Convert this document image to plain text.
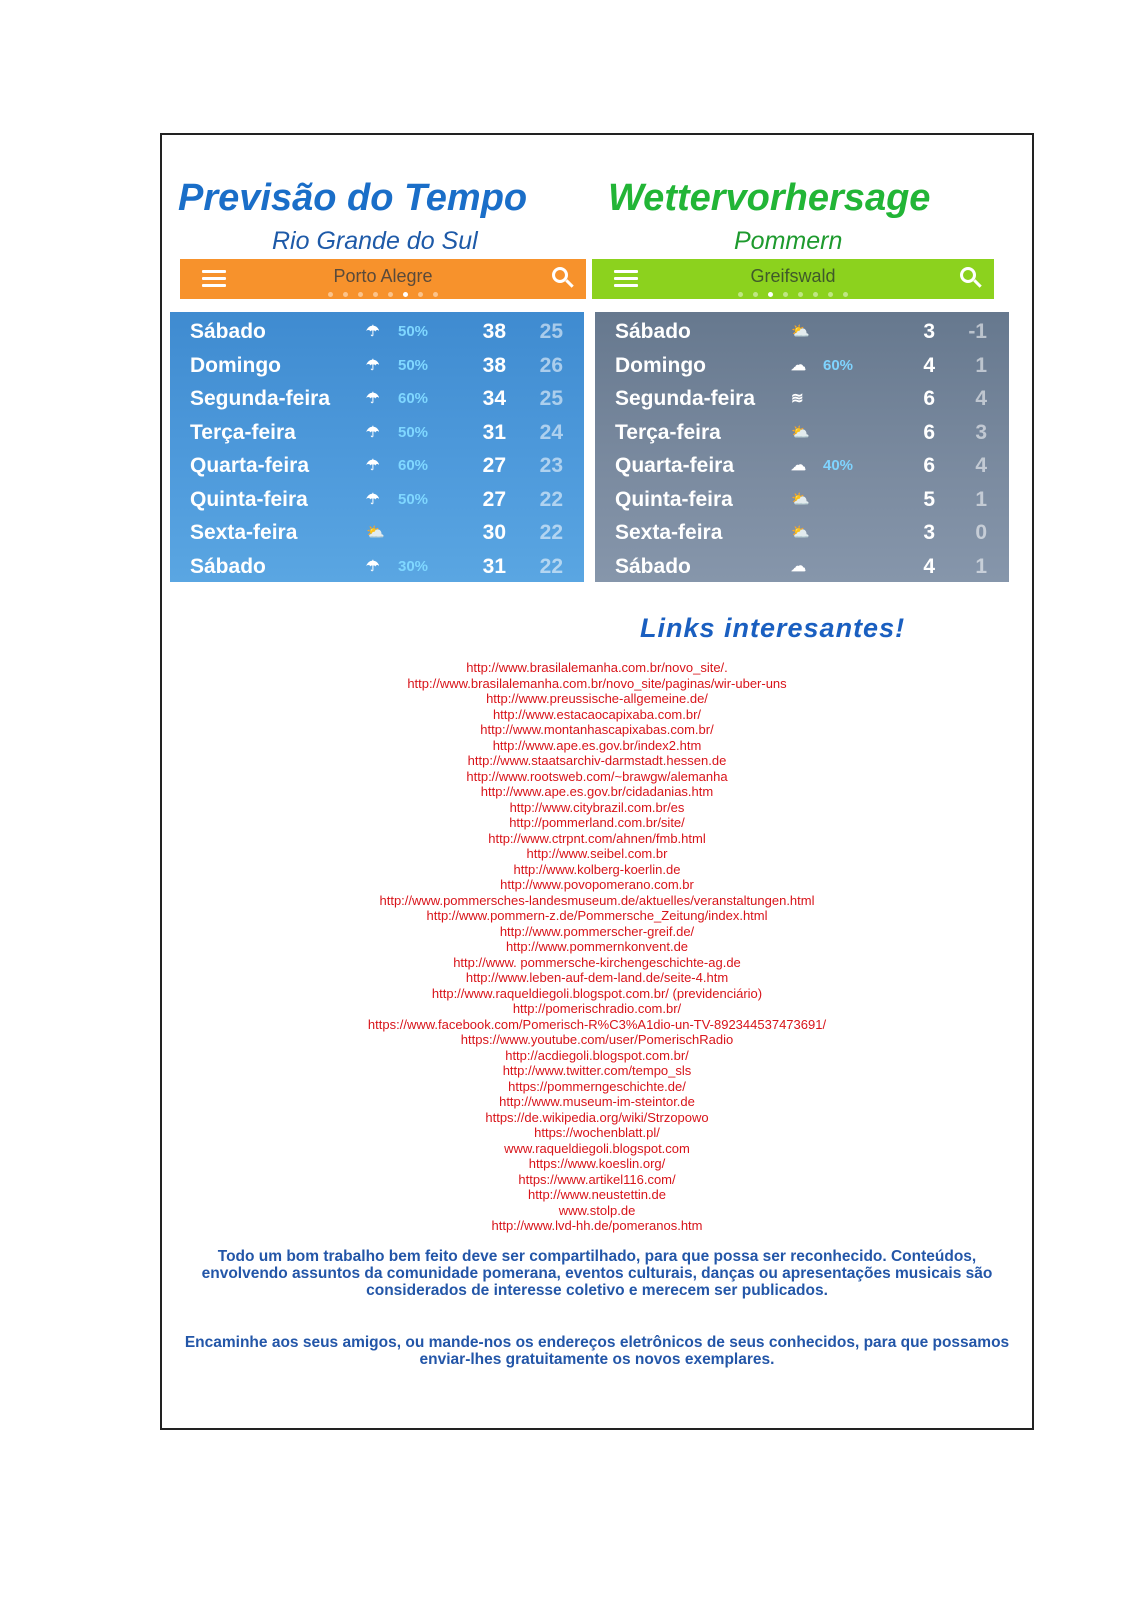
Previsão do Tempo Wettervorhersage
Rio Grande do Sul	Pommern
Porto Alegre	Greifswald
Sábado	☂ 50%	38	25
Domingo	☂ 50%	38	26
Segunda-feira ☂ 60%	34	25
Terça-feira	☂ 50%	31	24
Quarta-feira	☂ 60%	27	23
Quinta-feira	☂ 50%	27	22
Sexta-feira	⛅	30	22
Sábado	☂ 30%	31	22
Sábado	⛅	3	-1
Domingo	☁ 60%	4	1
Segunda-feira ≋	6	4
Terça-feira	⛅	6	3
Quarta-feira	☁ 40%	6	4
Quinta-feira	⛅	5	1
Sexta-feira	⛅	3	0
Sábado	☁	4	1
Links interesantes!
http://www.brasilalemanha.com.br/novo_site/.
http://www.brasilalemanha.com.br/novo_site/paginas/wir-uber-uns
http://www.preussische-allgemeine.de/
http://www.estacaocapixaba.com.br/
http://www.montanhascapixabas.com.br/
http://www.ape.es.gov.br/index2.htm
http://www.staatsarchiv-darmstadt.hessen.de
http://www.rootsweb.com/~brawgw/alemanha
http://www.ape.es.gov.br/cidadanias.htm
http://www.citybrazil.com.br/es
http://pommerland.com.br/site/
http://www.ctrpnt.com/ahnen/fmb.html
http://www.seibel.com.br
http://www.kolberg-koerlin.de
http://www.povopomerano.com.br
http://www.pommersches-landesmuseum.de/aktuelles/veranstaltungen.html
http://www.pommern-z.de/Pommersche_Zeitung/index.html
http://www.pommerscher-greif.de/
http://www.pommernkonvent.de
http://www. pommersche-kirchengeschichte-ag.de
http://www.leben-auf-dem-land.de/seite-4.htm
http://www.raqueldiegoli.blogspot.com.br/ (previdenciário)
http://pomerischradio.com.br/
https://www.facebook.com/Pomerisch-R%C3%A1dio-un-TV-892344537473691/
https://www.youtube.com/user/PomerischRadio
http://acdiegoli.blogspot.com.br/
http://www.twitter.com/tempo_sls
https://pommerngeschichte.de/
http://www.museum-im-steintor.de
https://de.wikipedia.org/wiki/Strzopowo
https://wochenblatt.pl/
www.raqueldiegoli.blogspot.com
https://www.koeslin.org/
https://www.artikel116.com/
http://www.neustettin.de
www.stolp.de
http://www.lvd-hh.de/pomeranos.htm
Todo um bom trabalho bem feito deve ser compartilhado, para que possa ser reconhecido. Conteúdos, envolvendo assuntos da comunidade pomerana, eventos culturais, danças ou apresentações musicais são considerados de interesse coletivo e merecem ser publicados.
Encaminhe aos seus amigos, ou mande-nos os endereços eletrônicos de seus conhecidos, para que possamos enviar-lhes gratuitamente os novos exemplares.
